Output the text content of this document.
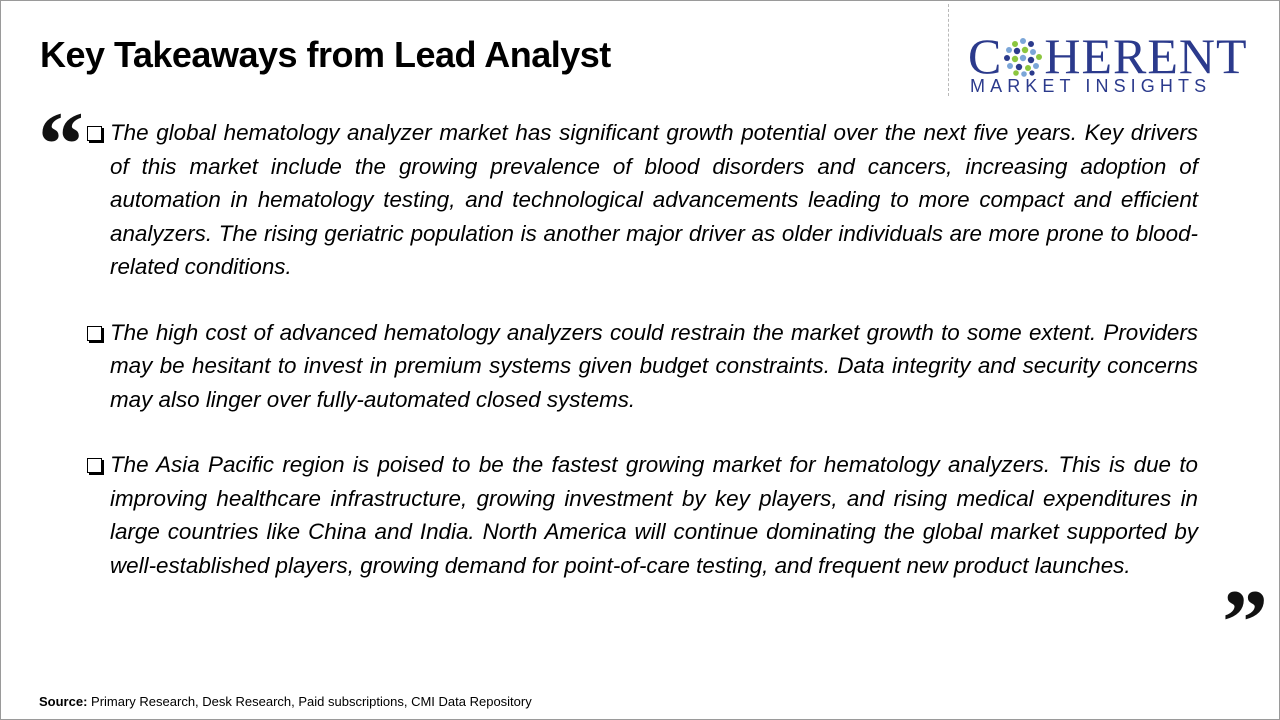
Key Takeaways from Lead Analyst	C HERENT
MARKET INSIGHTS
“	The global hematology analyzer market has significant growth potential over the next five years. Key drivers of this market include the growing prevalence of blood disorders and cancers, increasing adoption of automation in hematology testing, and technological advancements leading to more compact and efficient analyzers. The rising geriatric population is another major driver as older individuals are more prone to blood-related conditions.
The high cost of advanced hematology analyzers could restrain the market growth to some extent. Providers may be hesitant to invest in premium systems given budget constraints. Data integrity and security concerns may also linger over fully-automated closed systems.
The Asia Pacific region is poised to be the fastest growing market for hematology analyzers. This is due to improving healthcare infrastructure, growing investment by key players, and rising medical expenditures in large countries like China and India. North America will continue dominating the global market supported by well-established players, growing demand for point-of-care testing, and frequent new product launches.
”
Source: Primary Research, Desk Research, Paid subscriptions, CMI Data Repository
